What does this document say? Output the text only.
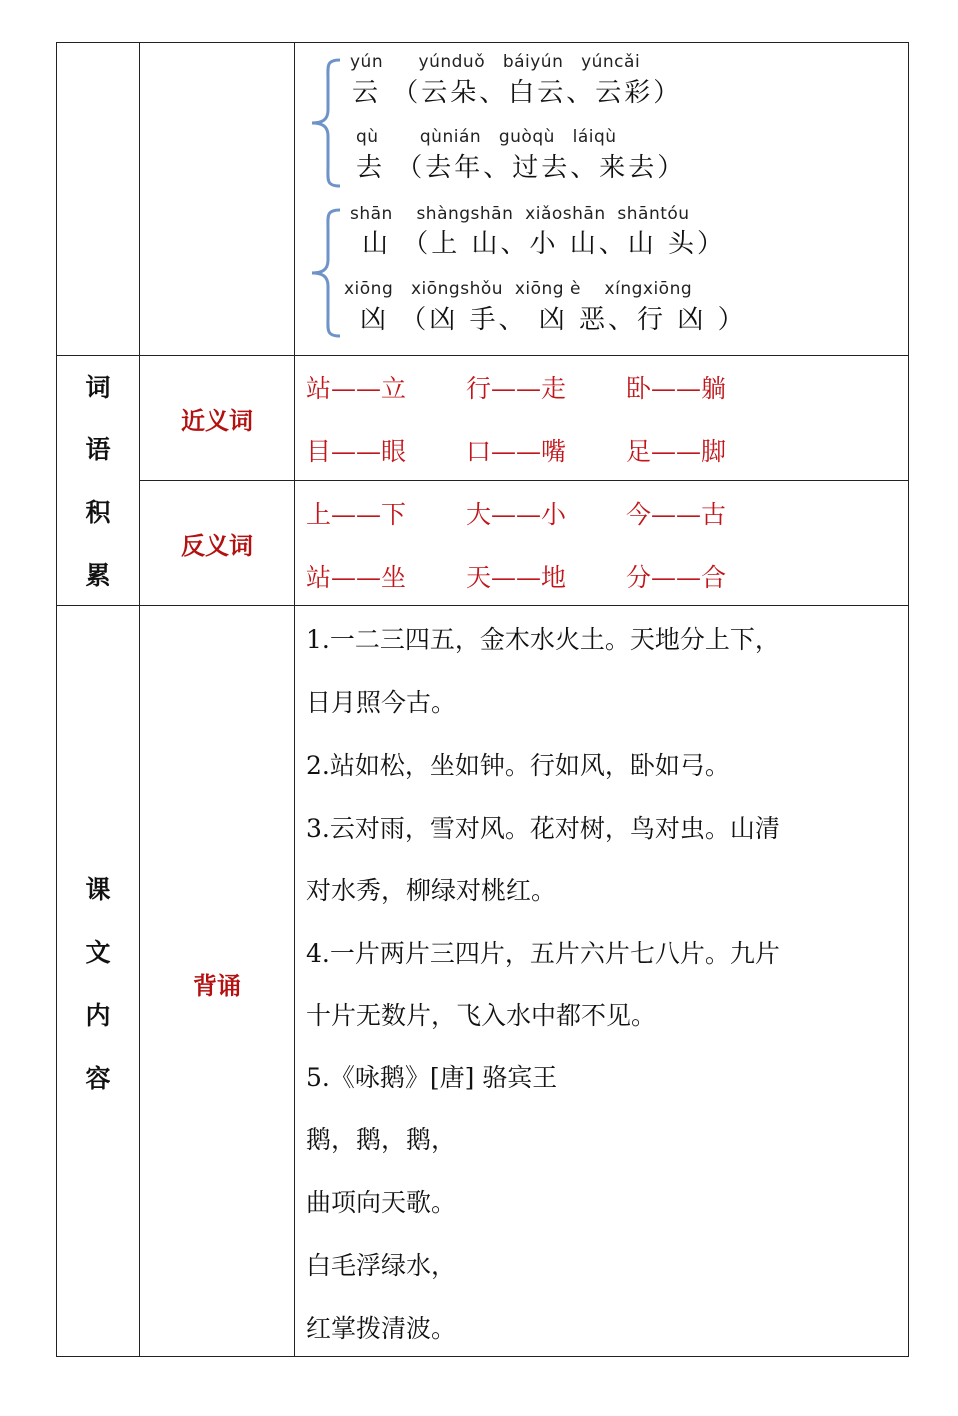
yún      yúnduǒ   báiyún   yúncǎi
云 （云朵、白云、云彩）
qù       qùnián   guòqù   láiqù
去 （去年、过去、来去）
shān    shàngshān  xiǎoshān  shāntóu
山 （上 山、小 山、山 头）
xiōng   xiōngshǒu  xiōng è    xíngxiōng
凶 （凶 手、 凶 恶、行 凶 ）
词
语
积
累
近义词
反义词
站——立 行——走 卧——躺
目——眼 口——嘴 足——脚
上——下 大——小 今——古
站——坐 天——地 分——合
课
文
内
容
背诵
1.一二三四五，金木水火土。天地分上下，
日月照今古。
2.站如松，坐如钟。行如风，卧如弓。
3.云对雨，雪对风。花对树，鸟对虫。山清
对水秀，柳绿对桃红。
4.一片两片三四片，五片六片七八片。九片
十片无数片，飞入水中都不见。
5.《咏鹅》[唐] 骆宾王
鹅，鹅，鹅，
曲项向天歌。
白毛浮绿水，
红掌拨清波。
